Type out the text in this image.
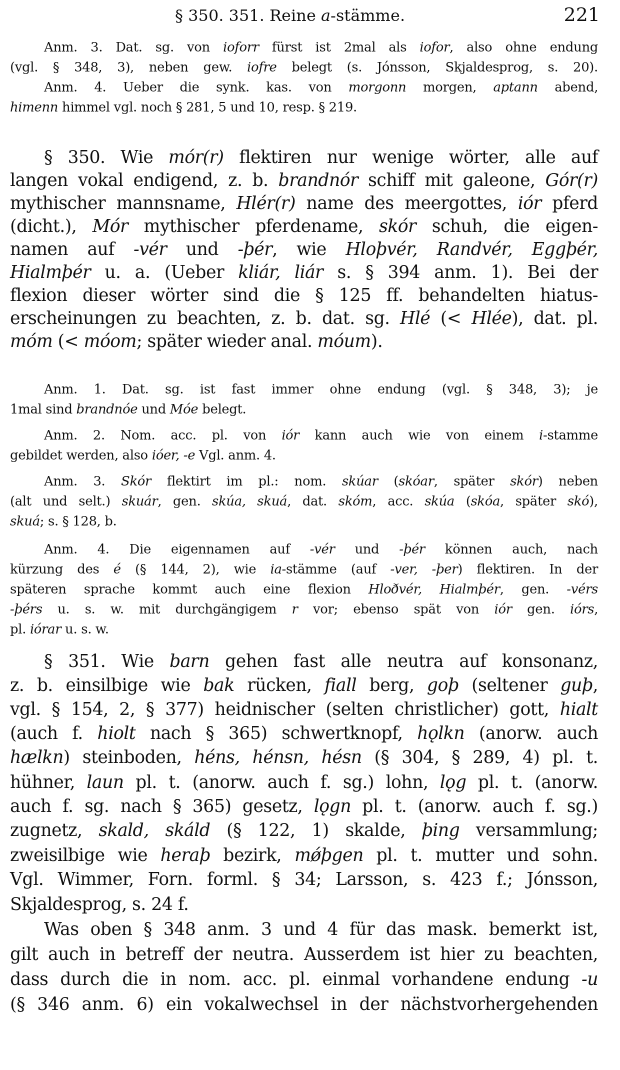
§ 350. 351. Reine a-stämme.	221
Anm. 3. Dat. sg. von ioforr fürst ist 2mal als iofor, also ohne endung
(vgl. § 348, 3), neben gew. iofre belegt (s. Jónsson, Skjaldesprog, s. 20).
Anm. 4. Ueber die synk. kas. von morgonn morgen, aptann abend,
himenn himmel vgl. noch § 281, 5 und 10, resp. § 219.
§ 350. Wie mór(r) flektiren nur wenige wörter, alle auf
langen vokal endigend, z. b. brandnór schiff mit galeone, Gór(r)
mythischer mannsname, Hlér(r) name des meergottes, iór pferd
(dicht.), Mór mythischer pferdename, skór schuh, die eigen-
namen auf -vér und -þér, wie Hloþvér, Randvér, Eggþér,
Hialmþér u. a. (Ueber kliár, liár s. § 394 anm. 1). Bei der
flexion dieser wörter sind die § 125 ff. behandelten hiatus-
erscheinungen zu beachten, z. b. dat. sg. Hlé (< Hlée), dat. pl.
móm (< móom; später wieder anal. móum).
Anm. 1. Dat. sg. ist fast immer ohne endung (vgl. § 348, 3); je
1mal sind brandnóe und Móe belegt.
Anm. 2. Nom. acc. pl. von iór kann auch wie von einem i-stamme
gebildet werden, also ióer, -e Vgl. anm. 4.
Anm. 3. Skór flektirt im pl.: nom. skúar (skóar, später skór) neben
(alt und selt.) skuár, gen. skúa, skuá, dat. skóm, acc. skúa (skóa, später skó),
skuá; s. § 128, b.
Anm. 4. Die eigennamen auf -vér und -þér können auch, nach
kürzung des é (§ 144, 2), wie ia-stämme (auf -ver, -þer) flektiren. In der
späteren sprache kommt auch eine flexion Hloðvér, Hialmþér, gen. -vérs
-þérs u. s. w. mit durchgängigem r vor; ebenso spät von iór gen. iórs,
pl. iórar u. s. w.
§ 351. Wie barn gehen fast alle neutra auf konsonanz,
z. b. einsilbige wie bak rücken, fiall berg, goþ (seltener guþ,
vgl. § 154, 2, § 377) heidnischer (selten christlicher) gott, hialt
(auch f. hiolt nach § 365) schwertknopf, hǫlkn (anorw. auch
hælkn) steinboden, héns, hénsn, hésn (§ 304, § 289, 4) pl. t.
hühner, laun pl. t. (anorw. auch f. sg.) lohn, lǫg pl. t. (anorw.
auch f. sg. nach § 365) gesetz, lǫgn pl. t. (anorw. auch f. sg.)
zugnetz, skald, skáld (§ 122, 1) skalde, þing versammlung;
zweisilbige wie heraþ bezirk, mǿþgen pl. t. mutter und sohn.
Vgl. Wimmer, Forn. forml. § 34; Larsson, s. 423 f.; Jónsson,
Skjaldesprog, s. 24 f.
Was oben § 348 anm. 3 und 4 für das mask. bemerkt ist,
gilt auch in betreff der neutra. Ausserdem ist hier zu beachten,
dass durch die in nom. acc. pl. einmal vorhandene endung -u
(§ 346 anm. 6) ein vokalwechsel in der nächstvorhergehenden
